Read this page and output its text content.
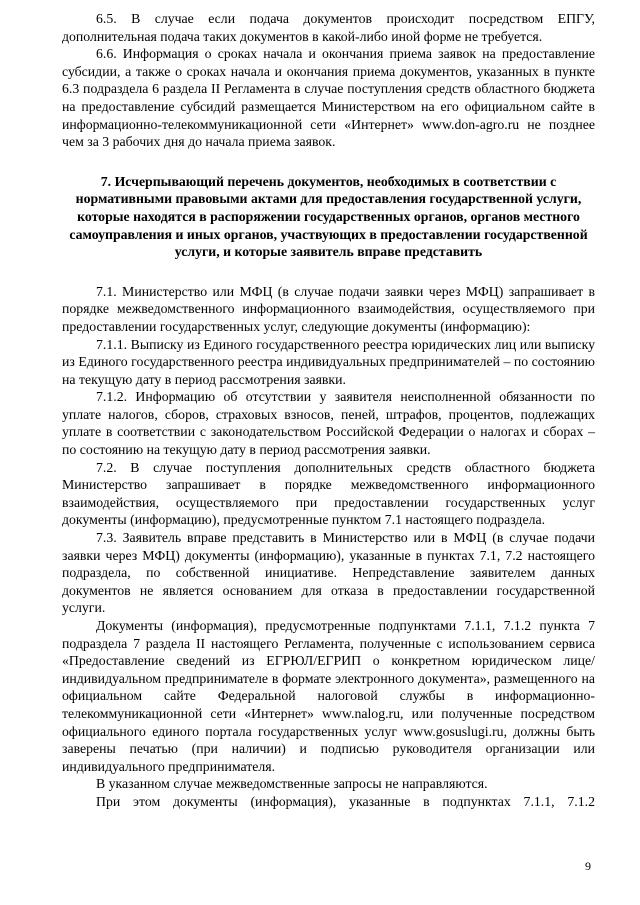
6.5. В случае если подача документов происходит посредством ЕПГУ, дополнительная подача таких документов в какой-либо иной форме не требуется.

6.6. Информация о сроках начала и окончания приема заявок на предоставление субсидии, а также о сроках начала и окончания приема документов, указанных в пункте 6.3 подраздела 6 раздела II Регламента в случае поступления средств областного бюджета на предоставление субсидий размещается Министерством на его официальном сайте в информационно-телекоммуникационной сети «Интернет» www.don-agro.ru не позднее чем за 3 рабочих дня до начала приема заявок.

7. Исчерпывающий перечень документов, необходимых в соответствии с нормативными правовыми актами для предоставления государственной услуги, которые находятся в распоряжении государственных органов, органов местного самоуправления и иных органов, участвующих в предоставлении государственной услуги, и которые заявитель вправе представить

7.1. Министерство или МФЦ (в случае подачи заявки через МФЦ) запрашивает в порядке межведомственного информационного взаимодействия, осуществляемого при предоставлении государственных услуг, следующие документы (информацию):

7.1.1. Выписку из Единого государственного реестра юридических лиц или выписку из Единого государственного реестра индивидуальных предпринимателей – по состоянию на текущую дату в период рассмотрения заявки.

7.1.2. Информацию об отсутствии у заявителя неисполненной обязанности по уплате налогов, сборов, страховых взносов, пеней, штрафов, процентов, подлежащих уплате в соответствии с законодательством Российской Федерации о налогах и сборах – по состоянию на текущую дату в период рассмотрения заявки.

7.2. В случае поступления дополнительных средств областного бюджета Министерство запрашивает в порядке межведомственного информационного взаимодействия, осуществляемого при предоставлении государственных услуг документы (информацию), предусмотренные пунктом 7.1 настоящего подраздела.

7.3. Заявитель вправе представить в Министерство или в МФЦ (в случае подачи заявки через МФЦ) документы (информацию), указанные в пунктах 7.1, 7.2 настоящего подраздела, по собственной инициативе. Непредставление заявителем данных документов не является основанием для отказа в предоставлении государственной услуги.

Документы (информация), предусмотренные подпунктами 7.1.1, 7.1.2 пункта 7 подраздела 7 раздела II настоящего Регламента, полученные с использованием сервиса «Предоставление сведений из ЕГРЮЛ/ЕГРИП о конкретном юридическом лице/индивидуальном предпринимателе в формате электронного документа», размещенного на официальном сайте Федеральной налоговой службы в информационно-телекоммуникационной сети «Интернет» www.nalog.ru, или полученные посредством официального единого портала государственных услуг www.gosuslugi.ru, должны быть заверены печатью (при наличии) и подписью руководителя организации или индивидуального предпринимателя.

В указанном случае межведомственные запросы не направляются.

При этом документы (информация), указанные в подпунктах 7.1.1, 7.1.2

9
